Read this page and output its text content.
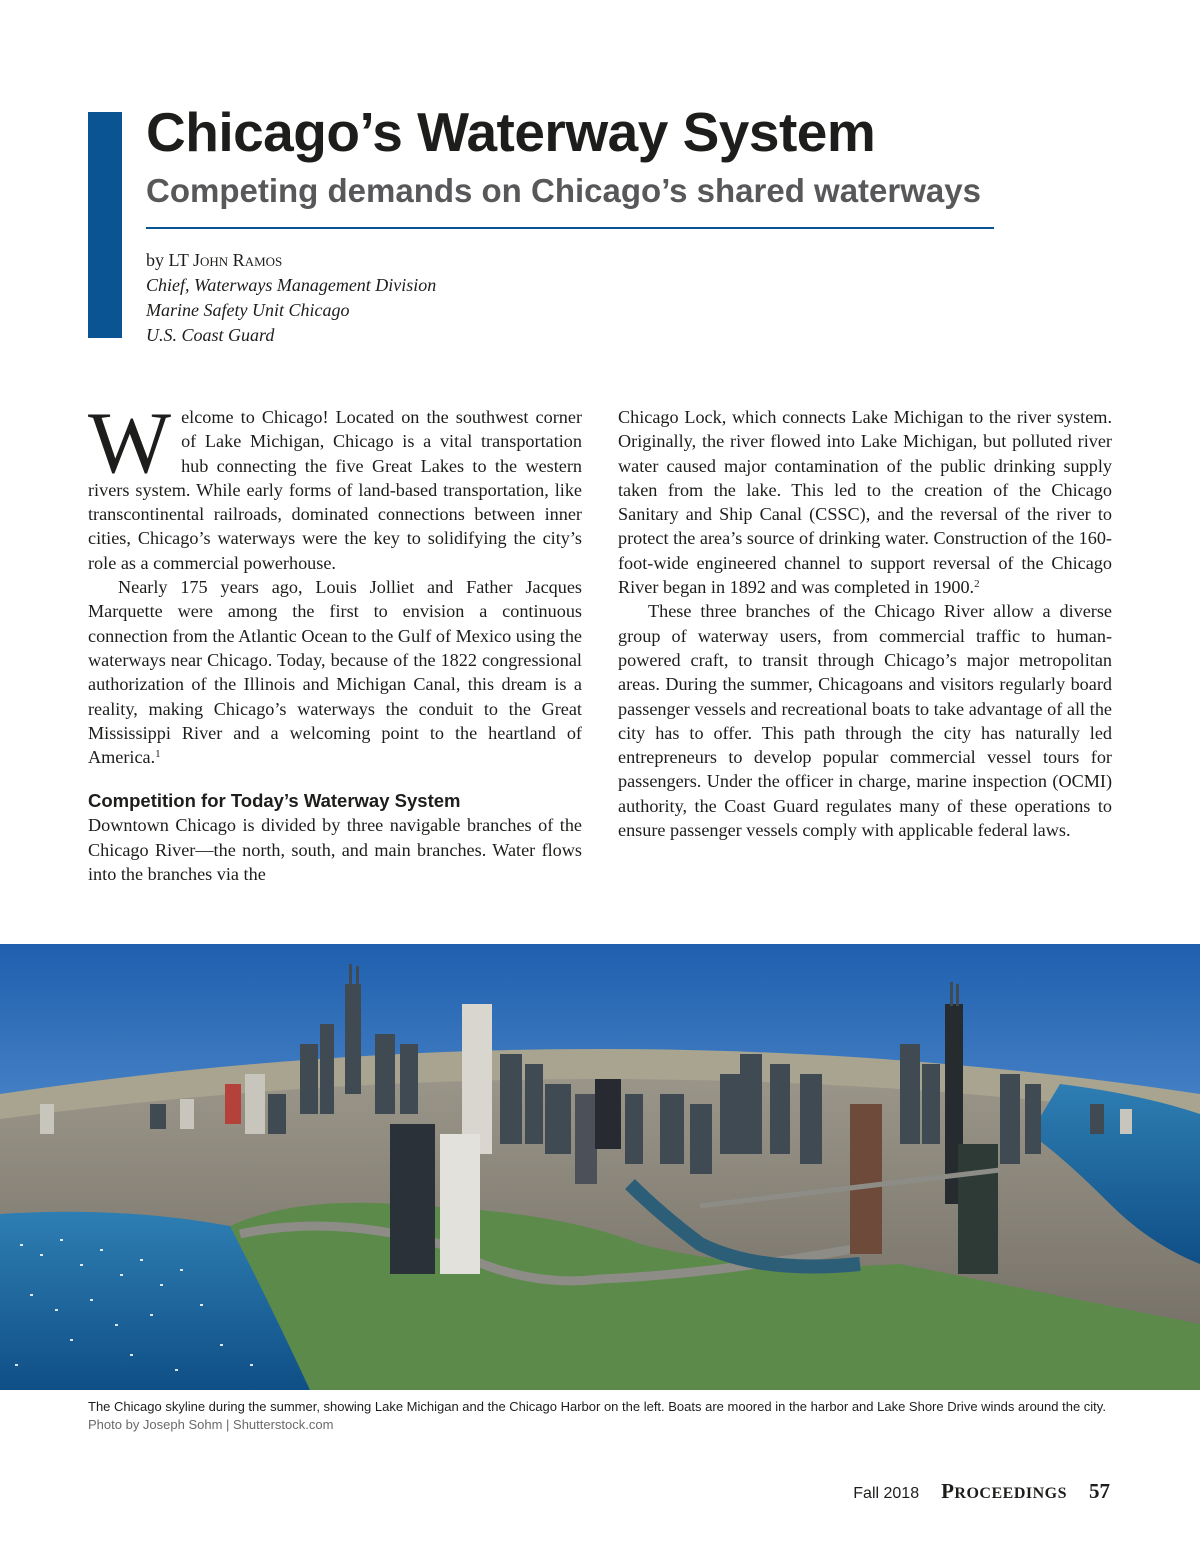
Chicago’s Waterway System
Competing demands on Chicago’s shared waterways
by LT John Ramos
Chief, Waterways Management Division
Marine Safety Unit Chicago
U.S. Coast Guard

Welcome to Chicago! Located on the southwest corner of Lake Michigan, Chicago is a vital transportation hub connecting the five Great Lakes to the western rivers system. While early forms of land-based transportation, like transcontinental railroads, dominated connections between inner cities, Chicago’s waterways were the key to solidifying the city’s role as a commercial powerhouse.

Nearly 175 years ago, Louis Jolliet and Father Jacques Marquette were among the first to envision a continuous connection from the Atlantic Ocean to the Gulf of Mexico using the waterways near Chicago. Today, because of the 1822 congressional authorization of the Illinois and Michigan Canal, this dream is a reality, making Chicago’s waterways the conduit to the Great Mississippi River and a welcoming point to the heartland of America.$^1$

Competition for Today’s Waterway System

Downtown Chicago is divided by three navigable branches of the Chicago River—the north, south, and main branches. Water flows into the branches via the

Chicago Lock, which connects Lake Michigan to the river system. Originally, the river flowed into Lake Michigan, but polluted river water caused major contamination of the public drinking supply taken from the lake. This led to the creation of the Chicago Sanitary and Ship Canal (CSSC), and the reversal of the river to protect the area’s source of drinking water. Construction of the 160-foot-wide engineered channel to support reversal of the Chicago River began in 1892 and was completed in 1900.$^2$

These three branches of the Chicago River allow a diverse group of waterway users, from commercial traffic to human-powered craft, to transit through Chicago’s major metropolitan areas. During the summer, Chicagoans and visitors regularly board passenger vessels and recreational boats to take advantage of all the city has to offer. This path through the city has naturally led entrepreneurs to develop popular commercial vessel tours for passengers. Under the officer in charge, marine inspection (OCMI) authority, the Coast Guard regulates many of these operations to ensure passenger vessels comply with applicable federal laws.

The Chicago skyline during the summer, showing Lake Michigan and the Chicago Harbor on the left. Boats are moored in the harbor and Lake Shore Drive winds around the city. Photo by Joseph Sohm | Shutterstock.com
Fall 2018 PROCEEDINGS 57
